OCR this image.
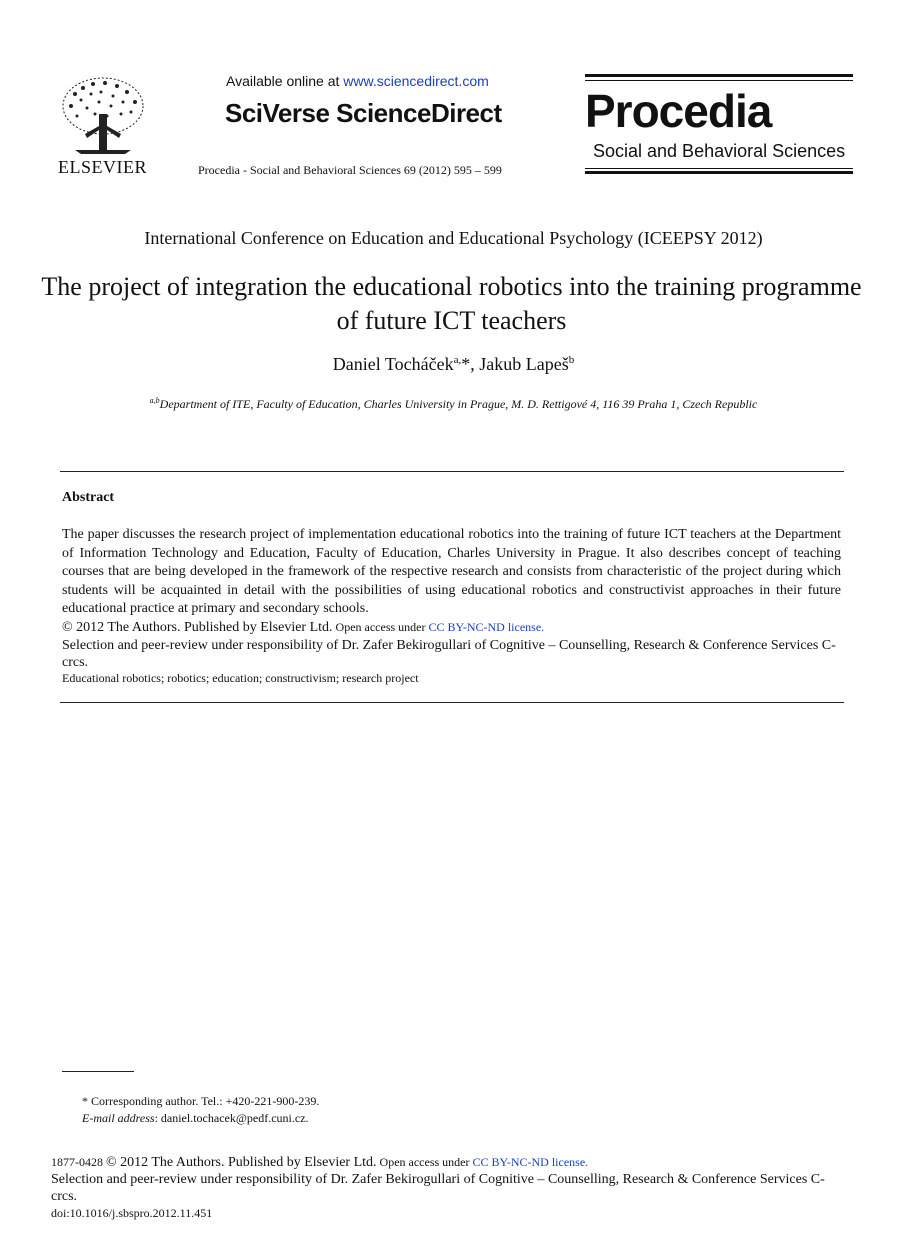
ELSEVIER
Available online at www.sciencedirect.com
SciVerse ScienceDirect
Procedia - Social and Behavioral Sciences 69 (2012) 595 – 599
Procedia
Social and Behavioral Sciences
International Conference on Education and Educational Psychology (ICEEPSY 2012)
The project of integration the educational robotics into the training programme of future ICT teachers
Daniel Tocháček$^{a,}$*, Jakub Lapeš$^b$
$^{a,b}$Department of ITE, Faculty of Education, Charles University in Prague, M. D. Rettigové 4, 116 39 Praha 1, Czech Republic
Abstract
The paper discusses the research project of implementation educational robotics into the training of future ICT teachers at the Department of Information Technology and Education, Faculty of Education, Charles University in Prague. It also describes concept of teaching courses that are being developed in the framework of the respective research and consists from characteristic of the project during which students will be acquainted in detail with the possibilities of using educational robotics and constructivist approaches in their future educational practice at primary and secondary schools.
© 2012 The Authors. Published by Elsevier Ltd. Open access under CC BY-NC-ND license.
Selection and peer-review under responsibility of Dr. Zafer Bekirogullari of Cognitive – Counselling, Research & Conference Services C-crcs.
Educational robotics; robotics; education; constructivism; research project
* Corresponding author. Tel.: +420-221-900-239.
E-mail address: daniel.tochacek@pedf.cuni.cz.
1877-0428 © 2012 The Authors. Published by Elsevier Ltd. Open access under CC BY-NC-ND license.
Selection and peer-review under responsibility of Dr. Zafer Bekirogullari of Cognitive – Counselling, Research & Conference Services C-crcs.
doi:10.1016/j.sbspro.2012.11.451
